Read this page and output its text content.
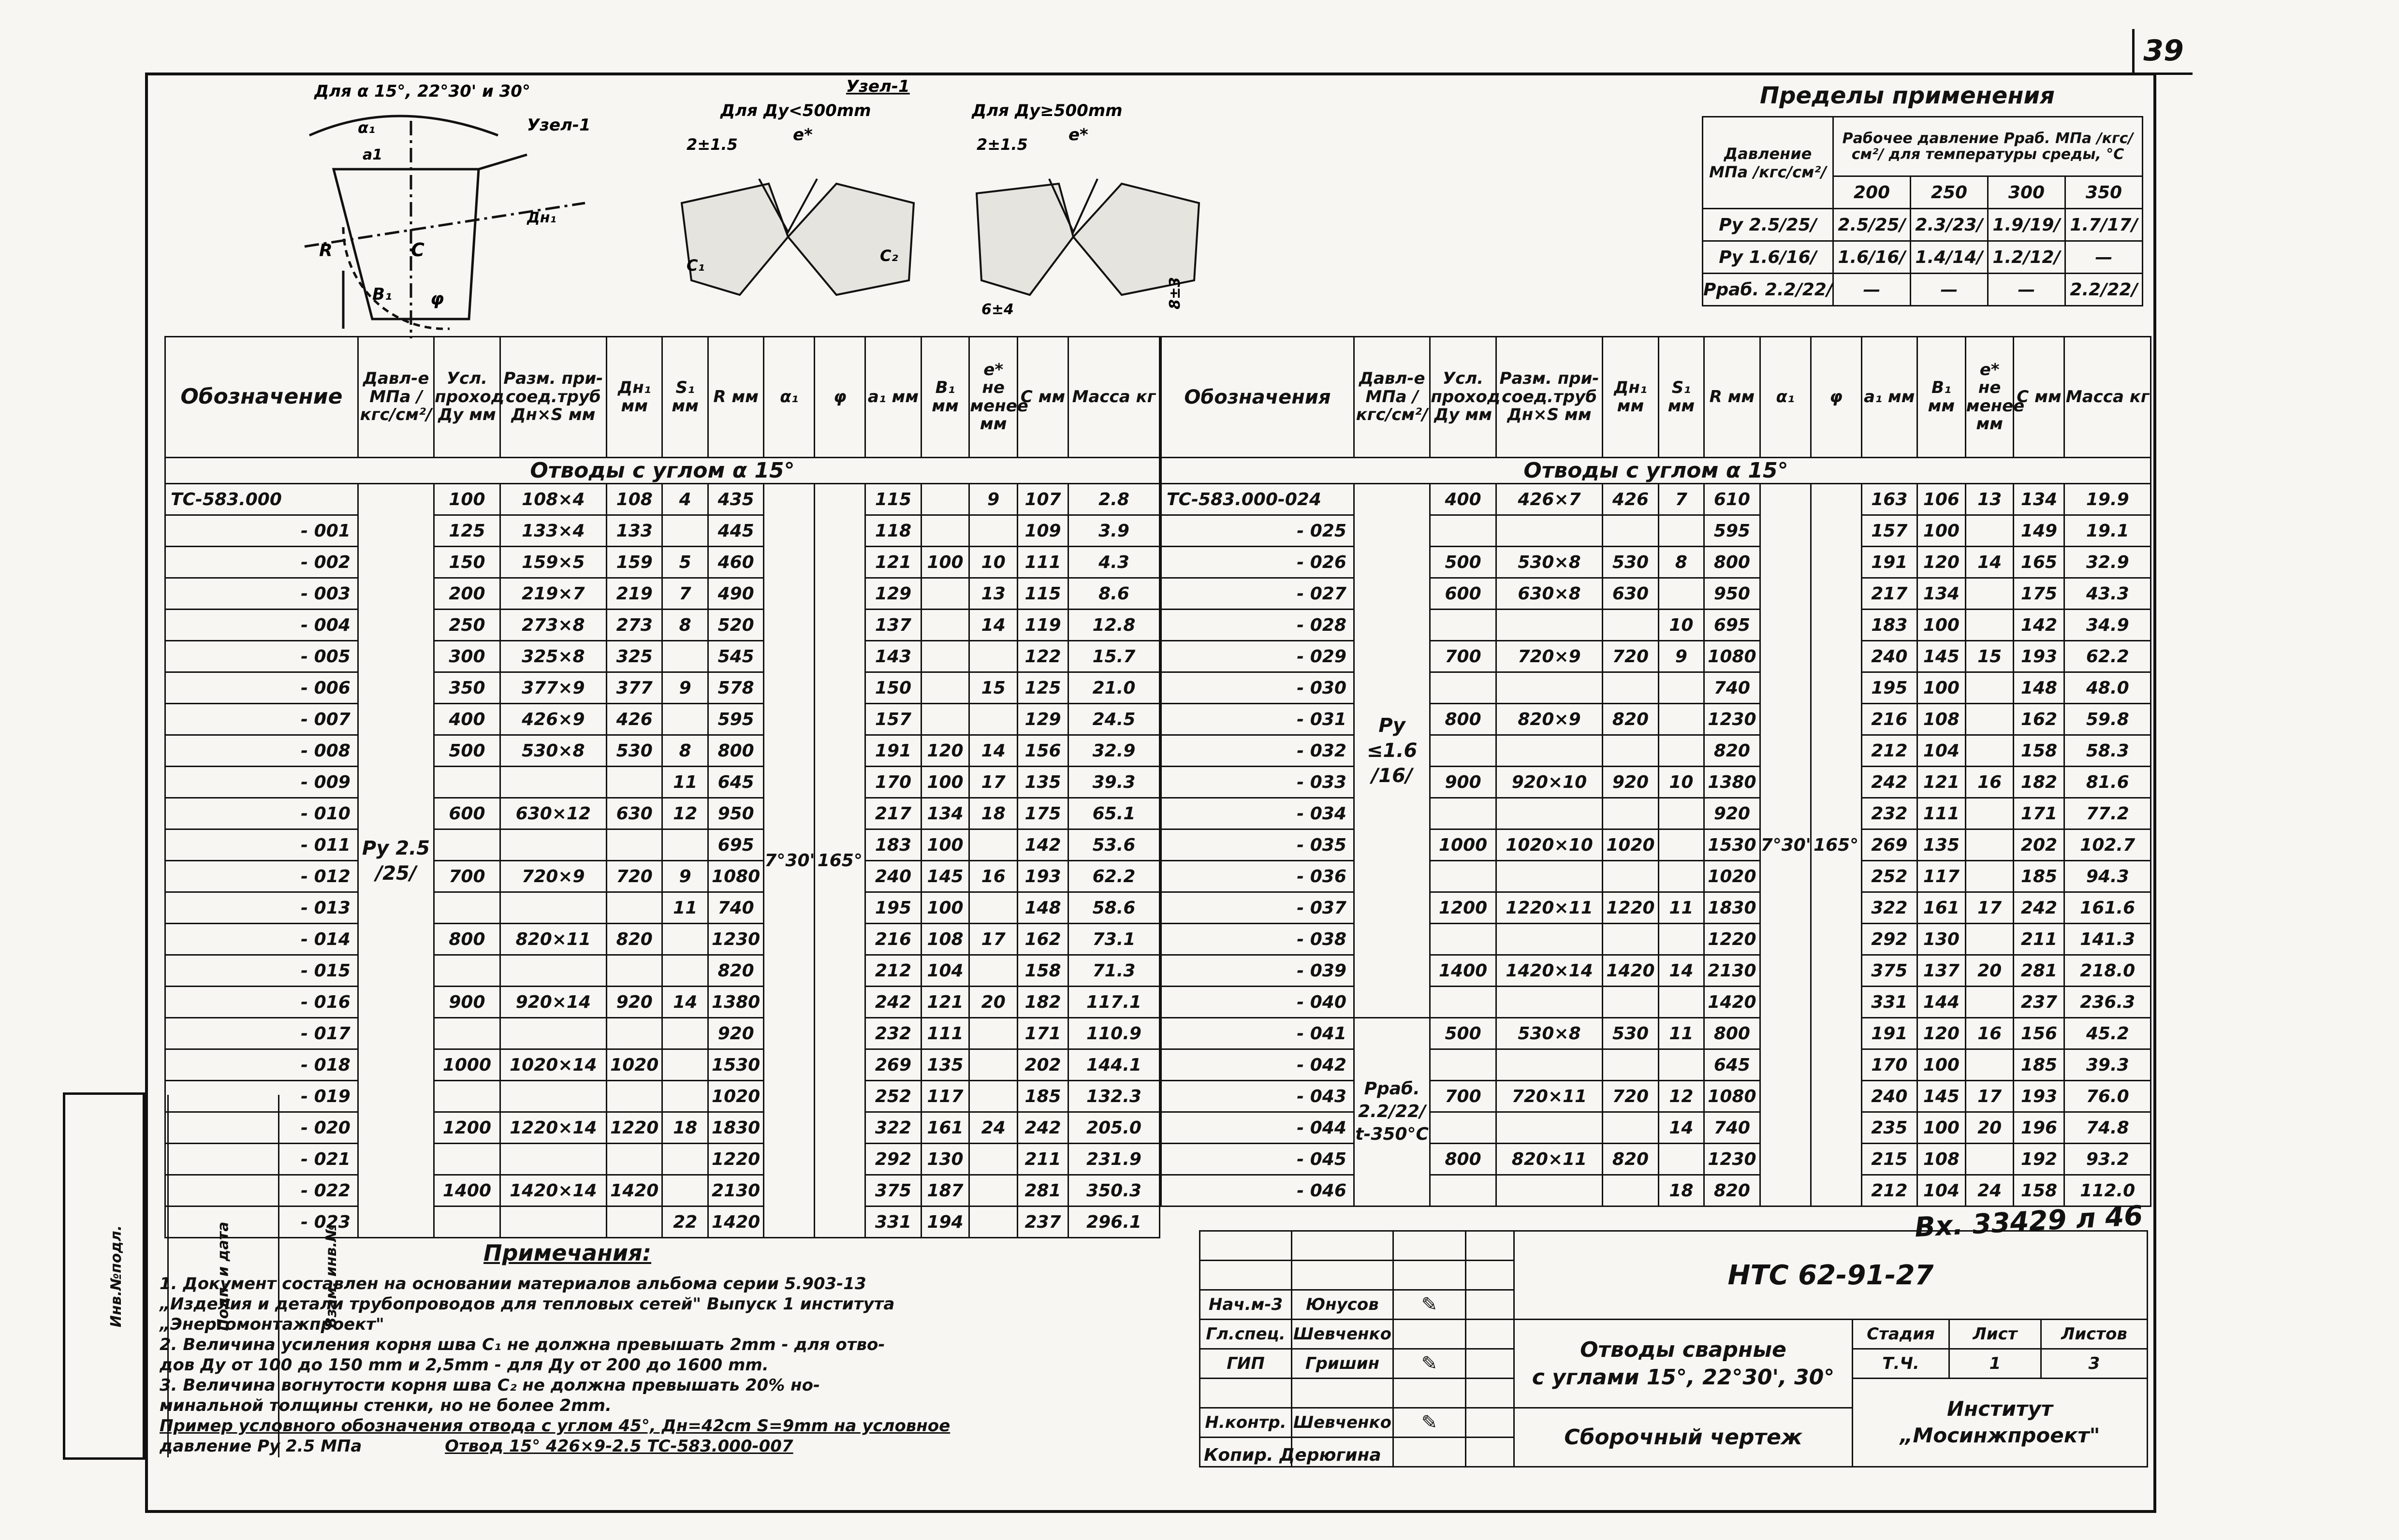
39
Инв.№подл.	Подп. и дата	Взам. инв.№
Для α 15°, 22°30' и 30°
Узел-1
α₁
a1
C
B₁ φ
R
Дн₁
Узел-1
Для Ду<500mm	Для Ду≥500mm
2±1.5	2±1.5
e*	e*
C₁
C₂
6±4
8±3
Пределы применения
Давление МПа /кгс/см²/	Рабочее давление Рраб. МПа /кгс/см²/ для температуры среды, °С			
	200	250	300	350
Ру 2.5/25/	2.5/25/	2.3/23/	1.9/19/	1.7/17/
Ру 1.6/16/	1.6/16/	1.4/14/	1.2/12/	—
Рраб. 2.2/22/	—	—	—	2.2/22/
Обозначение	Давл-е МПа /кгс/см²/	Усл. проход Ду мм	Разм. при-соед.труб Дн×S мм	Дн₁ мм	S₁ мм	R мм	α₁	φ	a₁ мм	B₁ мм	e* не менее мм	C мм	Масса кг
Отводы с углом α 15°													
ТС-583.000	Ру 2.5 /25/	100	108×4	108	4	435	7°30'	165°	115		9	107	2.8
- 001		125	133×4	133		445			118			109	3.9
- 002		150	159×5	159	5	460			121	100	10	111	4.3
- 003		200	219×7	219	7	490			129		13	115	8.6
- 004		250	273×8	273	8	520			137		14	119	12.8
- 005		300	325×8	325		545			143			122	15.7
- 006		350	377×9	377	9	578			150		15	125	21.0
- 007		400	426×9	426		595			157			129	24.5
- 008		500	530×8	530	8	800			191	120	14	156	32.9
- 009					11	645			170	100	17	135	39.3
- 010		600	630×12	630	12	950			217	134	18	175	65.1
- 011						695			183	100		142	53.6
- 012		700	720×9	720	9	1080			240	145	16	193	62.2
- 013					11	740			195	100		148	58.6
- 014		800	820×11	820		1230			216	108	17	162	73.1
- 015						820			212	104		158	71.3
- 016		900	920×14	920	14	1380			242	121	20	182	117.1
- 017						920			232	111		171	110.9
- 018		1000	1020×14	1020		1530			269	135		202	144.1
- 019						1020			252	117		185	132.3
- 020		1200	1220×14	1220	18	1830			322	161	24	242	205.0
- 021						1220			292	130		211	231.9
- 022		1400	1420×14	1420		2130			375	187		281	350.3
- 023					22	1420			331	194		237	296.1
Обозначения	Давл-е МПа /кгс/см²/	Усл. проход Ду мм	Разм. при-соед.труб Дн×S мм	Дн₁ мм	S₁ мм	R мм	α₁	φ	a₁ мм	B₁ мм	e* не менее мм	C мм	Масса кг
Отводы с углом α 15°													
ТС-583.000-024	Ру ≤1.6 /16/	400	426×7	426	7	610	7°30'	165°	163	106	13	134	19.9
- 025						595			157	100		149	19.1
- 026		500	530×8	530	8	800			191	120	14	165	32.9
- 027		600	630×8	630		950			217	134		175	43.3
- 028					10	695			183	100		142	34.9
- 029		700	720×9	720	9	1080			240	145	15	193	62.2
- 030						740			195	100		148	48.0
- 031		800	820×9	820		1230			216	108		162	59.8
- 032						820			212	104		158	58.3
- 033		900	920×10	920	10	1380			242	121	16	182	81.6
- 034						920			232	111		171	77.2
- 035		1000	1020×10	1020		1530			269	135		202	102.7
- 036						1020			252	117		185	94.3
- 037		1200	1220×11	1220	11	1830			322	161	17	242	161.6
- 038						1220			292	130		211	141.3
- 039		1400	1420×14	1420	14	2130			375	137	20	281	218.0
- 040						1420			331	144		237	236.3
- 041	Рраб. 2.2/22/ t-350°C	500	530×8	530	11	800			191	120	16	156	45.2
- 042						645			170	100		185	39.3
- 043		700	720×11	720	12	1080			240	145	17	193	76.0
- 044					14	740			235	100	20	196	74.8
- 045		800	820×11	820		1230			215	108		192	93.2
- 046					18	820			212	104	24	158	112.0
Вх. 33429 л 46
Примечания:

1. Документ составлен на основании материалов альбома серии 5.903-13

„Изделия и детали трубопроводов для тепловых сетей" Выпуск 1 института

„Энергомонтажпроект"

2. Величина усиления корня шва C₁ не должна превышать 2mm - для отво-

дов Ду от 100 до 150 mm и 2,5mm - для Ду от 200 до 1600 mm.

3. Величина вогнутости корня шва C₂ не должна превышать 20% но-

минальной толщины стенки, но не более 2mm.

Пример условного обозначения отвода с углом 45°, Дн=42cm S=9mm на условное

давление Ру 2.5 МПа	Отвод 15° 426×9-2.5 ТС-583.000-007

				НТС 62-91-27			

Нач.м-3	Юнусов	✎					
Гл.спец.	Шевченко			Отводы сварные
с углами 15°, 22°30', 30°	Стадия	Лист	Листов
ГИП	Гришин	✎			Т.Ч.	1	3
					Институт
„Мосинжпроект"		
Н.контр.	Шевченко	✎		Сборочный чертеж			

Копир. Дерюгина
